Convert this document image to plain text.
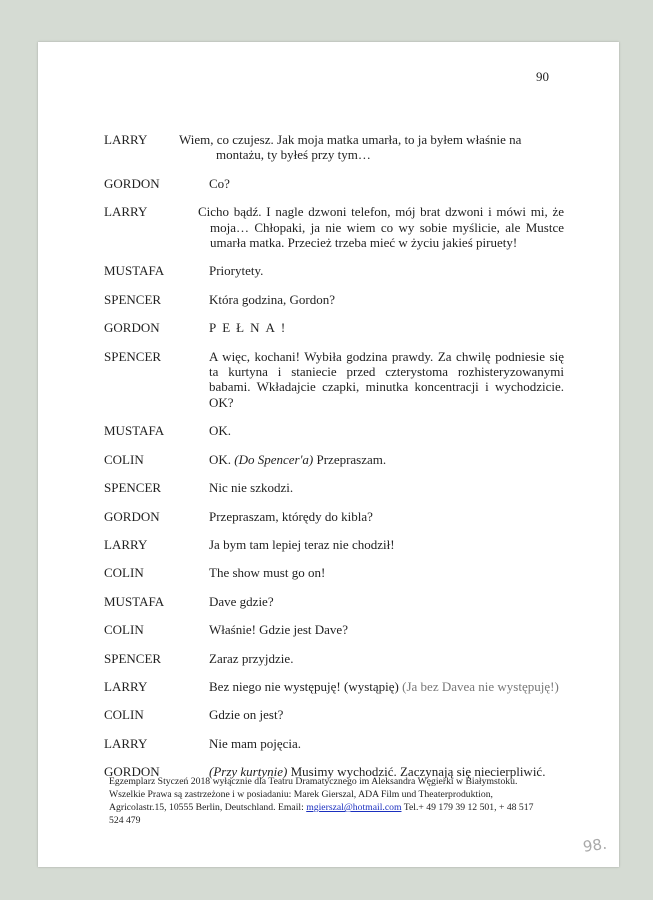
90
LARRY	Wiem, co czujesz. Jak moja matka umarła, to ja byłem właśnie na montażu, ty byłeś przy tym…
GORDON	Co?
LARRY	Cicho bądź. I nagle dzwoni telefon, mój brat dzwoni i mówi mi, że moja… Chłopaki, ja nie wiem co wy sobie myślicie, ale Mustce umarła matka. Przecież trzeba mieć w życiu jakieś piruety!
MUSTAFA	Priorytety.
SPENCER	Która godzina, Gordon?
GORDON	PEŁNA!
SPENCER	A więc, kochani! Wybiła godzina prawdy. Za chwilę podniesie się ta kurtyna i staniecie przed czterystoma rozhisteryzowanymi babami. Wkładajcie czapki, minutka koncentracji i wychodzicie. OK?
MUSTAFA	OK.
COLIN	OK. (Do Spencer'a) Przepraszam.
SPENCER	Nic nie szkodzi.
GORDON	Przepraszam, którędy do kibla?
LARRY	Ja bym tam lepiej teraz nie chodził!
COLIN	The show must go on!
MUSTAFA	Dave gdzie?
COLIN	Właśnie! Gdzie jest Dave?
SPENCER	Zaraz przyjdzie.
LARRY	Bez niego nie występuję! (wystąpię) (Ja bez Davea nie występuję!)
COLIN	Gdzie on jest?
LARRY	Nie mam pojęcia.
GORDON	(Przy kurtynie) Musimy wychodzić. Zaczynają się niecierpliwić.
Egzemplarz Styczeń 2018 wyłącznie dla Teatru Dramatycznego im Aleksandra Węgierki w Białymstoku.
Wszelkie Prawa są zastrzeżone i w posiadaniu: Marek Gierszal, ADA Film und Theaterproduktion, Agricolastr.15, 10555 Berlin, Deutschland. Email: mgierszal@hotmail.com Tel.+ 49 179 39 12 501, + 48 517 524 479
98.
